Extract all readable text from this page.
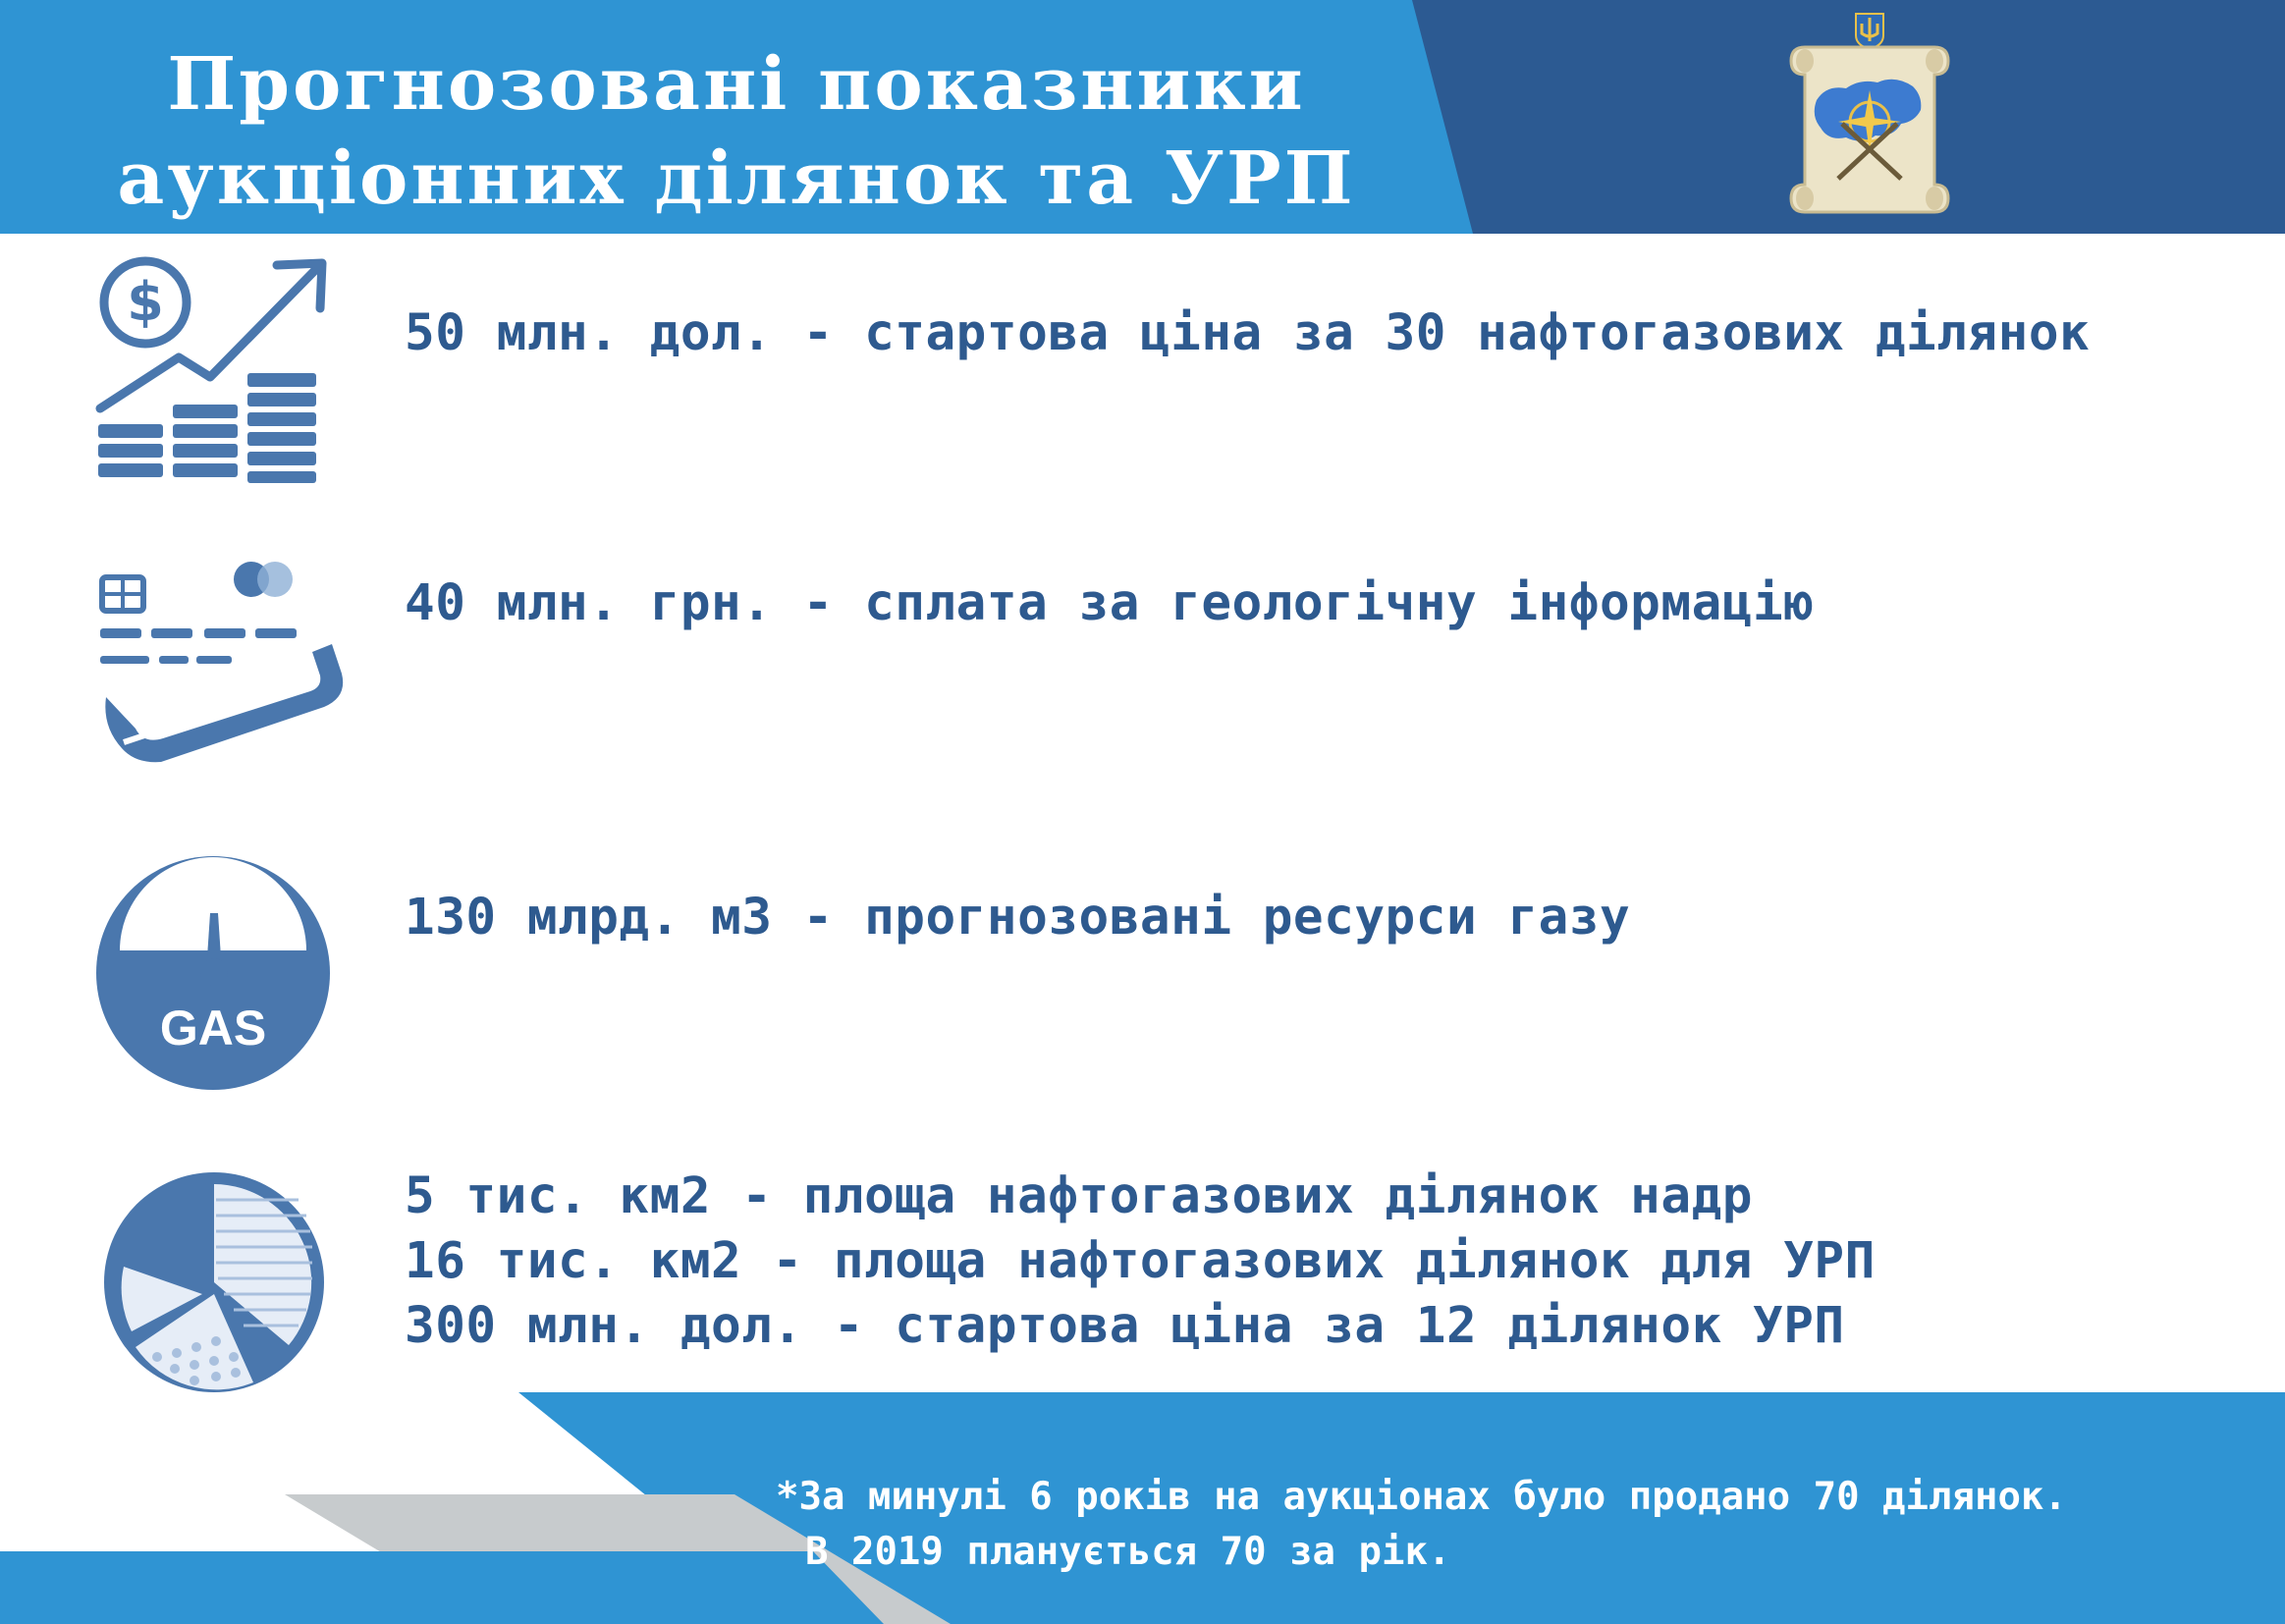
Прогнозовані показники
аукціонних ділянок та УРП
$
GAS
50 млн. дол. - стартова ціна за 30 нафтогазових ділянок
40 млн. грн. - сплата за геологічну інформацію
130 млрд. м3 - прогнозовані ресурси газу
5 тис. км2 - площа нафтогазових ділянок надр
16 тис. км2 - площа нафтогазових ділянок для УРП
300 млн. дол. - стартова ціна за 12 ділянок УРП
*За минулі 6 років на аукціонах було продано 70 ділянок.
В 2019 планується 70 за рік.
